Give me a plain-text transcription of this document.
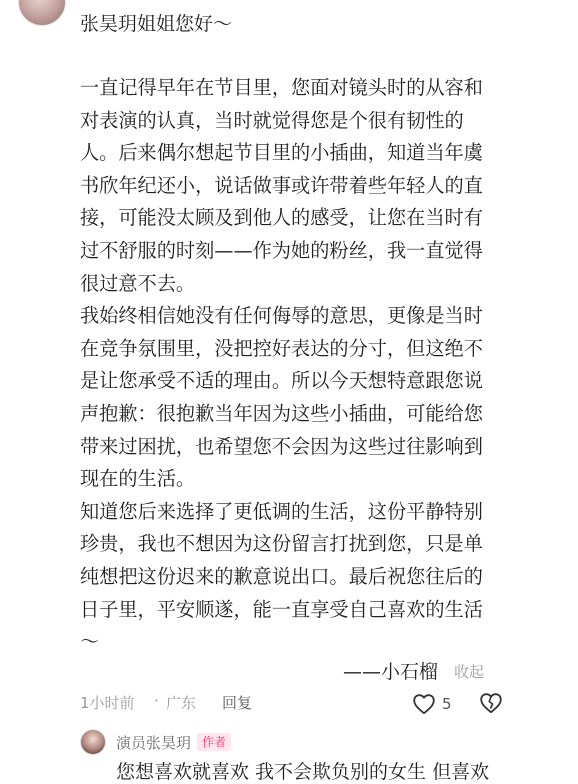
张昊玥姐姐您好～
一直记得早年在节目里，您面对镜头时的从容和
对表演的认真，当时就觉得您是个很有韧性的
人。后来偶尔想起节目里的小插曲，知道当年虞
书欣年纪还小，说话做事或许带着些年轻人的直
接，可能没太顾及到他人的感受，让您在当时有
过不舒服的时刻——作为她的粉丝，我一直觉得
很过意不去。
我始终相信她没有任何侮辱的意思，更像是当时
在竞争氛围里，没把控好表达的分寸，但这绝不
是让您承受不适的理由。所以今天想特意跟您说
声抱歉：很抱歉当年因为这些小插曲，可能给您
带来过困扰，也希望您不会因为这些过往影响到
现在的生活。
知道您后来选择了更低调的生活，这份平静特别
珍贵，我也不想因为这份留言打扰到您，只是单
纯想把这份迟来的歉意说出口。最后祝您往后的
日子里，平安顺遂，能一直享受自己喜欢的生活
～
——小石榴 收起
1小时前 · 广东 回复	5
演员张昊玥 作者
您想喜欢就喜欢 我不会欺负别的女生 但喜欢
